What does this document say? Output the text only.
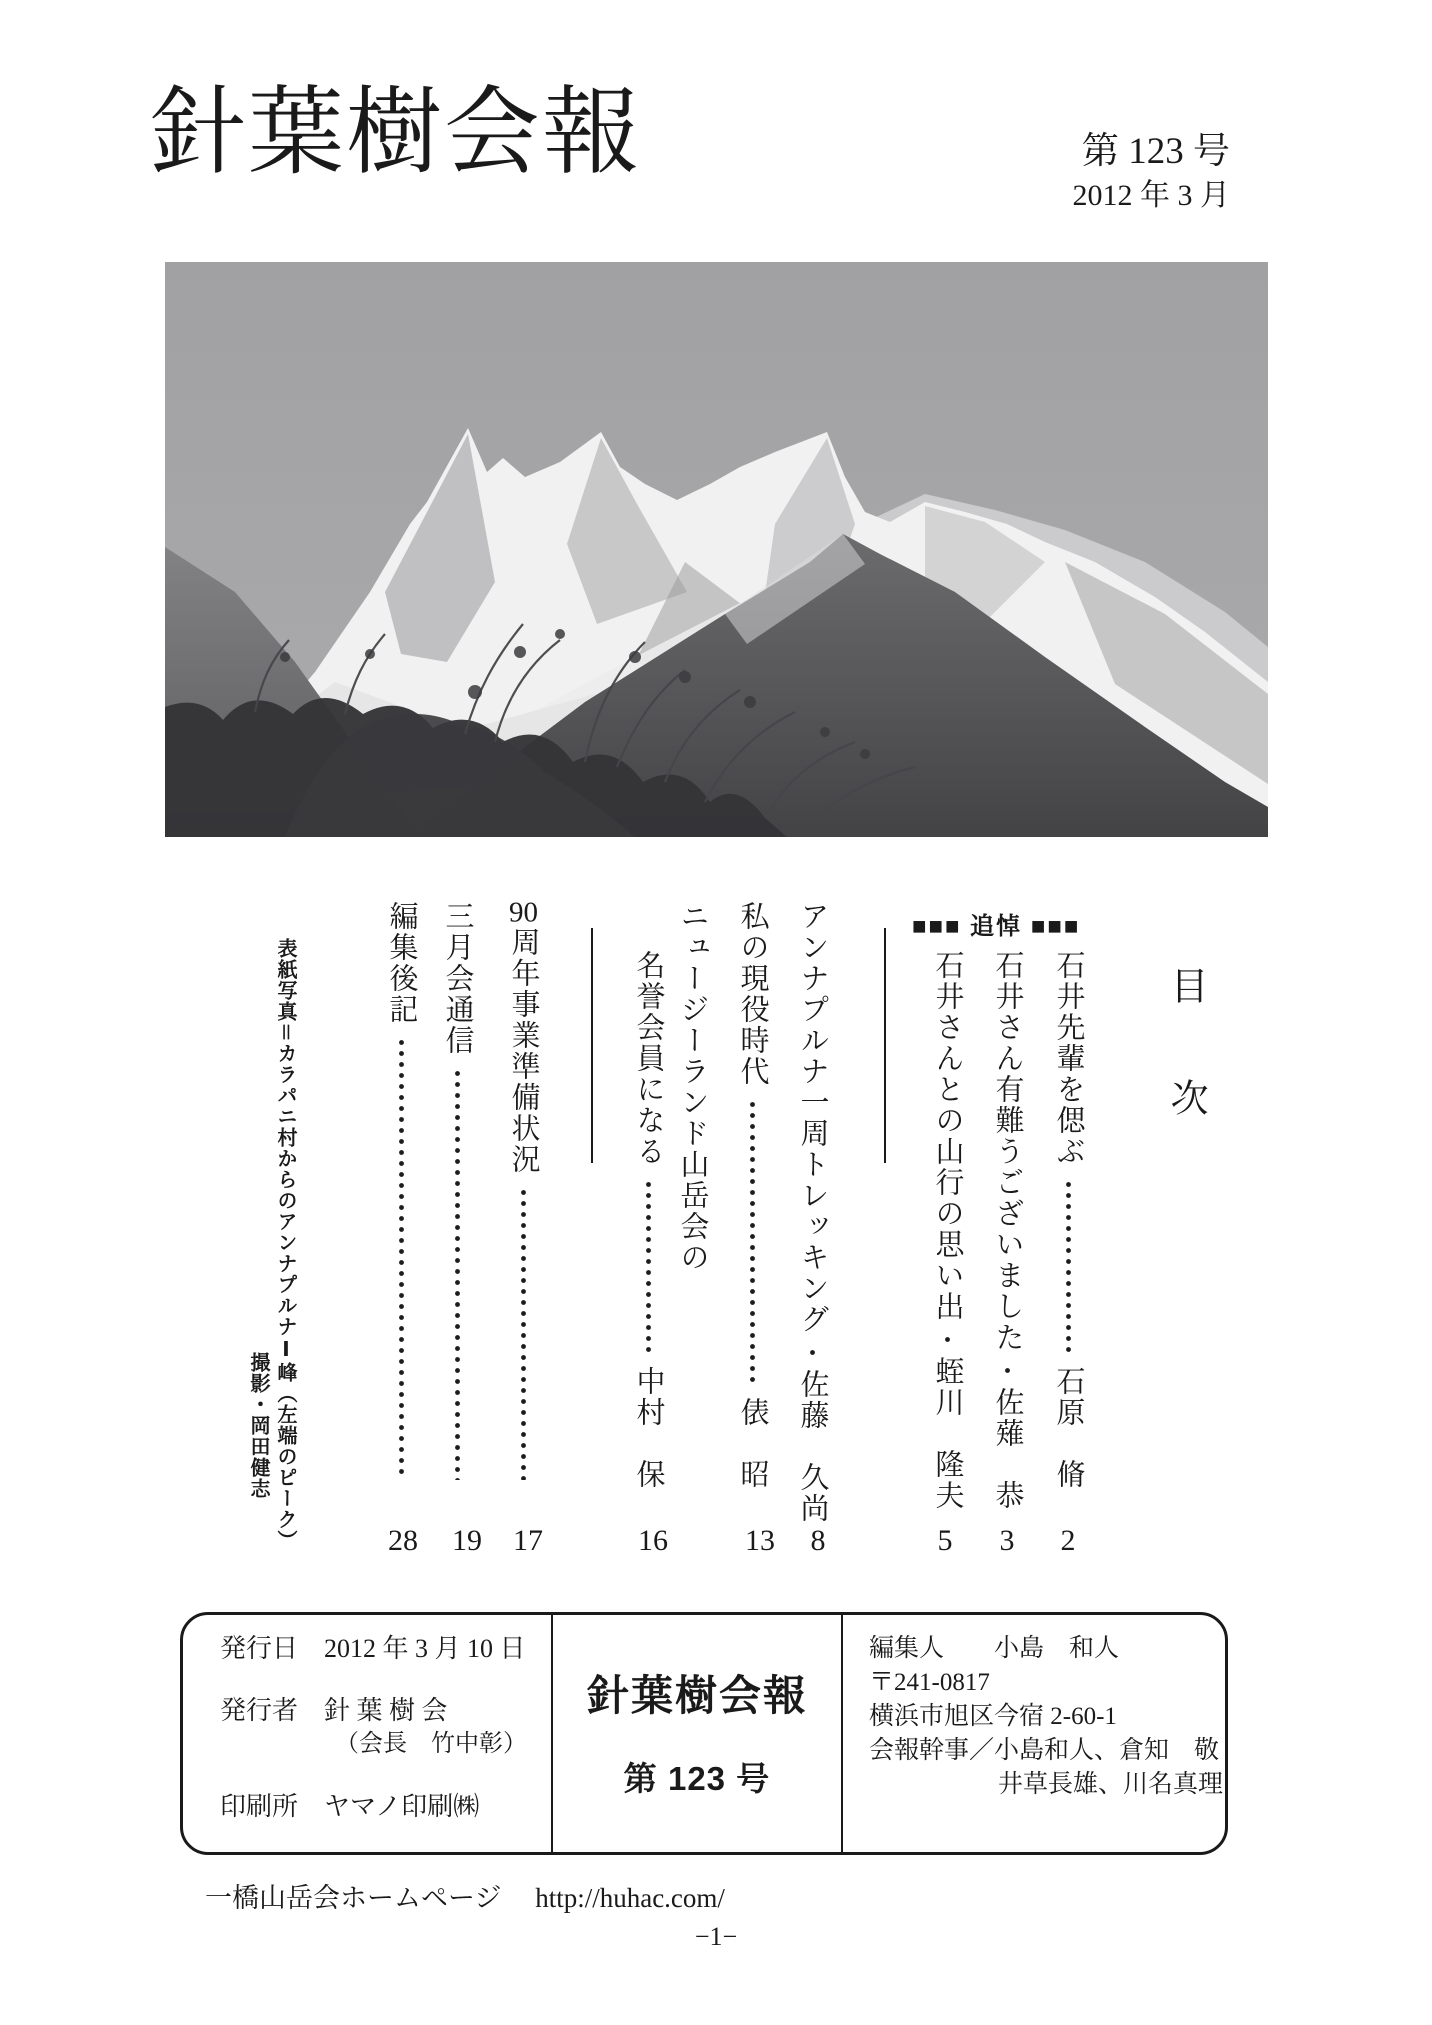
針葉樹会報	第 123 号
2012 年 3 月
目　次
■■■ 追悼 ■■■
石井先輩を偲ぶ
石原　脩
石井さん有難うございました
佐薙　恭
石井さんとの山行の思い出
蛭川　隆夫
アンナプルナ一周トレッキング
佐藤　久尚
私の現役時代
俵　昭
ニュージーランド山岳会の
名誉会員になる
中村　保
90周年事業準備状況
三月会通信
編集後記
2
3
5
8
13
16
17
19
28
表紙写真＝カラパニ村からのアンナプルナⅠ峰（左端のピーク）
撮影・岡田健志
発行日 2012 年 3 月 10 日
発行者 針 葉 樹 会
（会長　竹中彰）
印刷所 ヤマノ印刷㈱
針葉樹会報
第 123 号
編集人　　小島　和人
〒241-0817
横浜市旭区今宿 2-60-1
会報幹事／小島和人、倉知　敬
井草長雄、川名真理
一橋山岳会ホームページ　 http://huhac.com/
−1−
